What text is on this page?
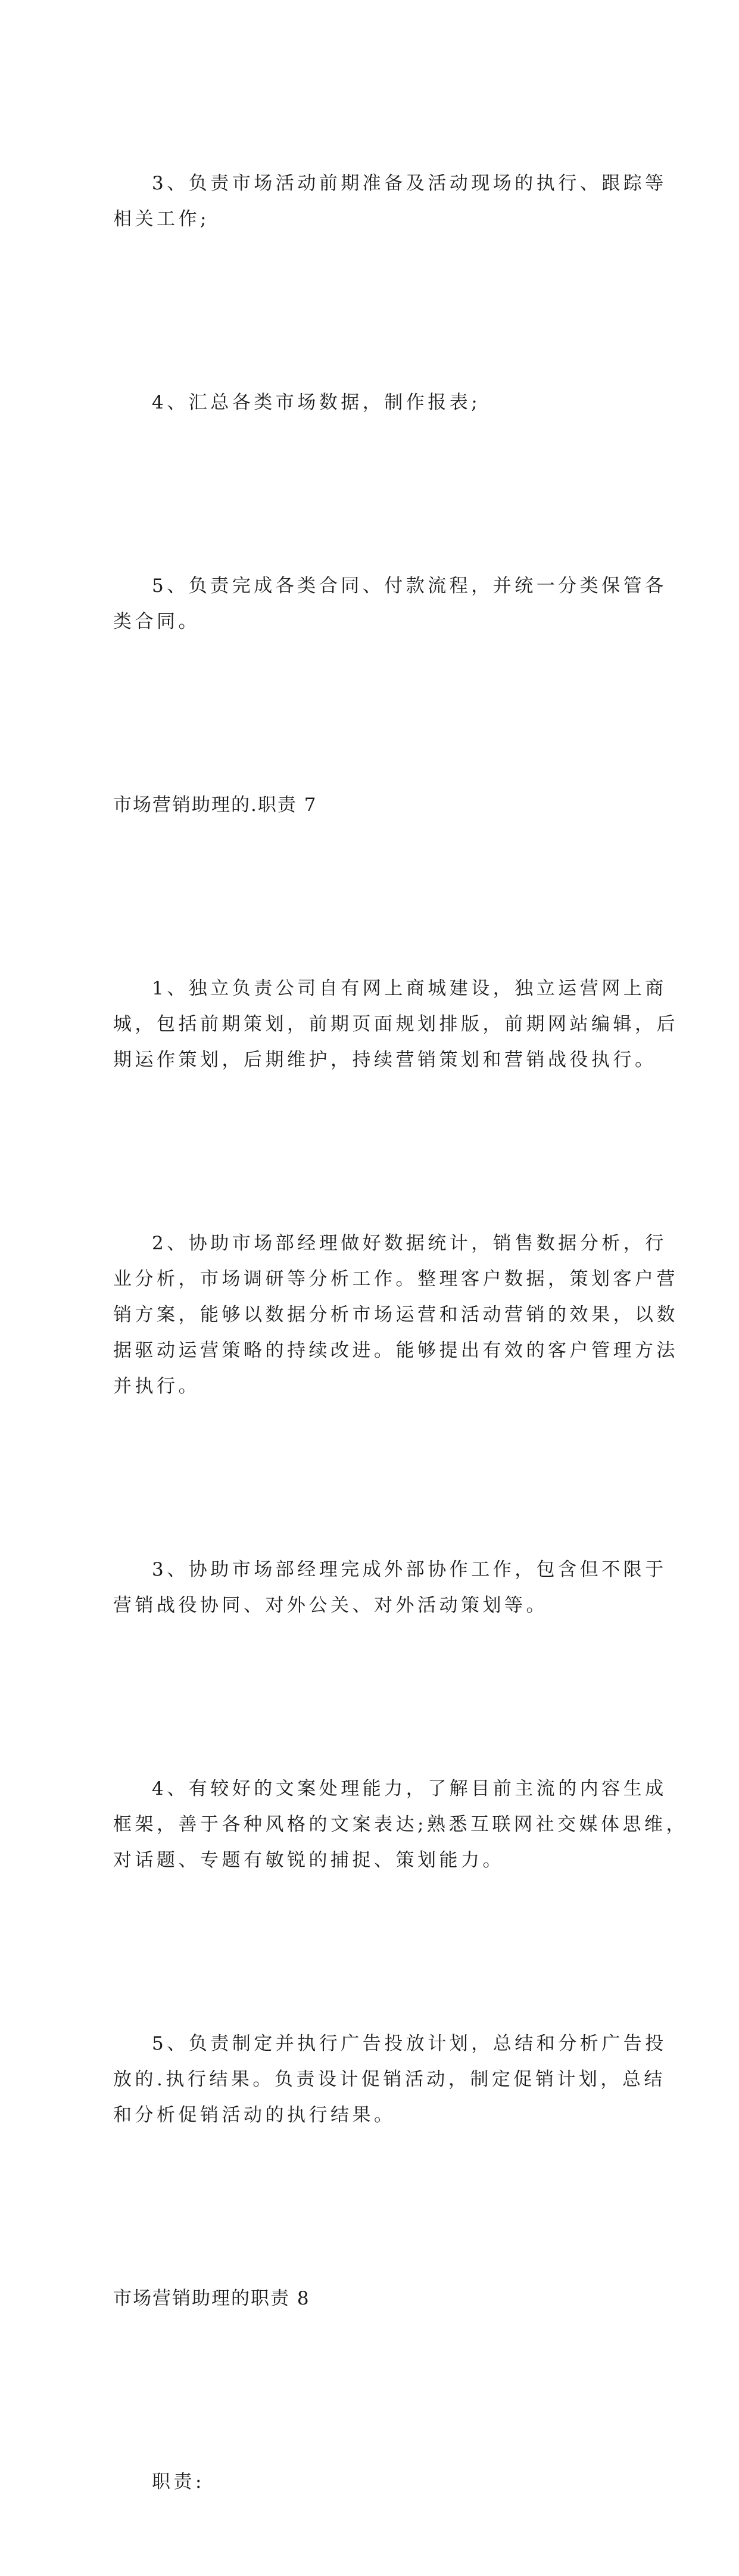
3、负责市场活动前期准备及活动现场的执行、跟踪等
相关工作;

4、汇总各类市场数据，制作报表;

5、负责完成各类合同、付款流程，并统一分类保管各
类合同。

市场营销助理的.职责 7

1、独立负责公司自有网上商城建设，独立运营网上商
城，包括前期策划，前期页面规划排版，前期网站编辑，后
期运作策划，后期维护，持续营销策划和营销战役执行。

2、协助市场部经理做好数据统计，销售数据分析，行
业分析，市场调研等分析工作。整理客户数据，策划客户营
销方案，能够以数据分析市场运营和活动营销的效果，以数
据驱动运营策略的持续改进。能够提出有效的客户管理方法
并执行。

3、协助市场部经理完成外部协作工作，包含但不限于
营销战役协同、对外公关、对外活动策划等。

4、有较好的文案处理能力，了解目前主流的内容生成
框架，善于各种风格的文案表达;熟悉互联网社交媒体思维，
对话题、专题有敏锐的捕捉、策划能力。

5、负责制定并执行广告投放计划，总结和分析广告投
放的.执行结果。负责设计促销活动，制定促销计划，总结
和分析促销活动的执行结果。

市场营销助理的职责 8

职责:
